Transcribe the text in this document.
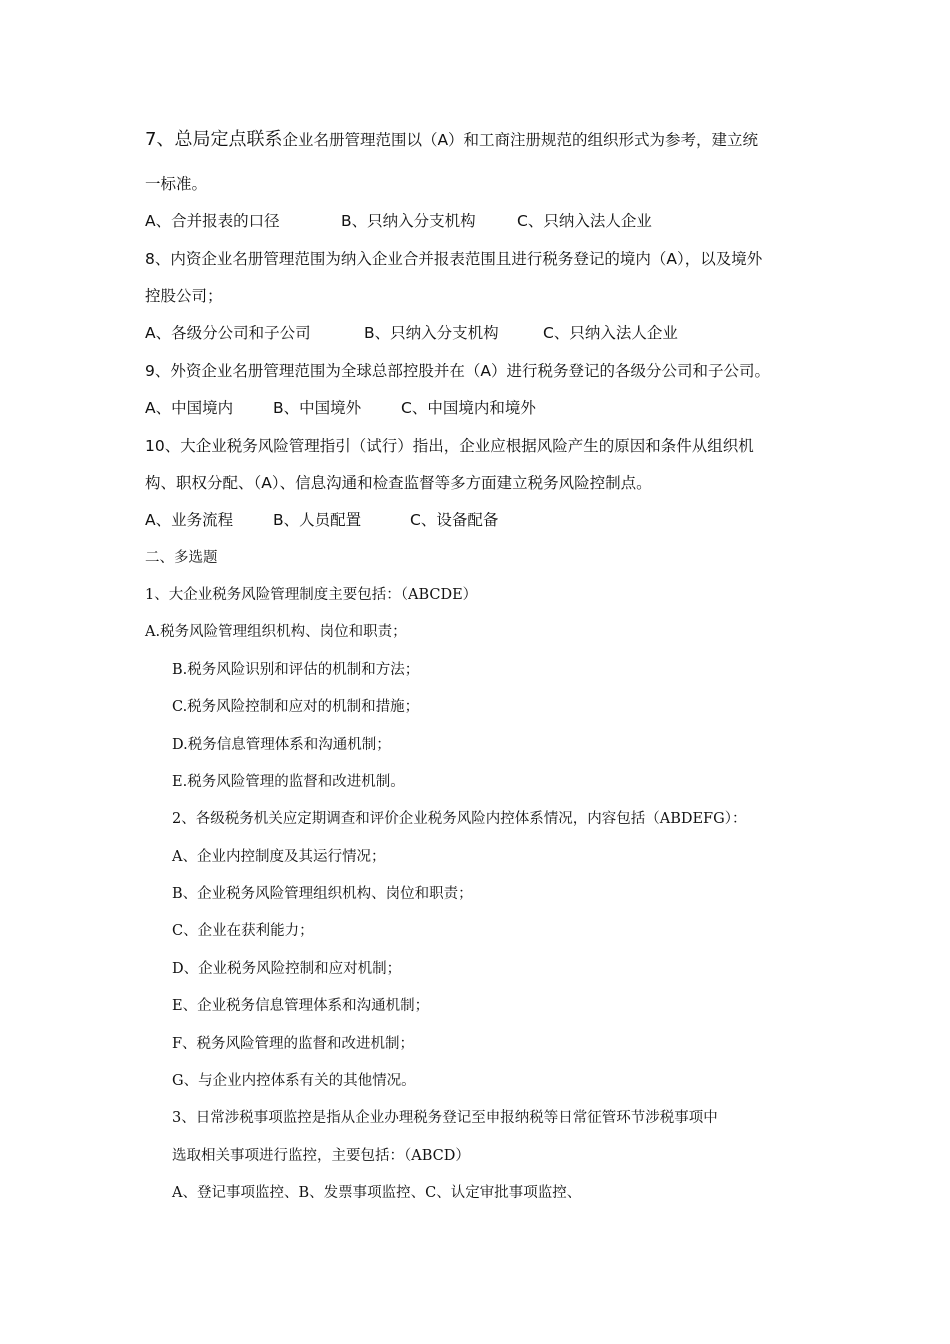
7、总局定点联系企业名册管理范围以（A）和工商注册规范的组织形式为参考，建立统
一标准。
A、合并报表的口径	B、只纳入分支机构	C、只纳入法人企业
8、内资企业名册管理范围为纳入企业合并报表范围且进行税务登记的境内（A），以及境外
控股公司；
A、各级分公司和子公司	B、只纳入分支机构	C、只纳入法人企业
9、外资企业名册管理范围为全球总部控股并在（A）进行税务登记的各级分公司和子公司。
A、中国境内	B、中国境外	C、中国境内和境外
10、大企业税务风险管理指引（试行）指出，企业应根据风险产生的原因和条件从组织机
构、职权分配、（A）、信息沟通和检查监督等多方面建立税务风险控制点。
A、业务流程	B、人员配置	C、设备配备
二、多选题
1、大企业税务风险管理制度主要包括：（ABCDE）
A.税务风险管理组织机构、岗位和职责；
B.税务风险识别和评估的机制和方法；
C.税务风险控制和应对的机制和措施；
D.税务信息管理体系和沟通机制；
E.税务风险管理的监督和改进机制。
2、各级税务机关应定期调查和评价企业税务风险内控体系情况，内容包括（ABDEFG）：
A、企业内控制度及其运行情况；
B、企业税务风险管理组织机构、岗位和职责；
C、企业在获利能力；
D、企业税务风险控制和应对机制；
E、企业税务信息管理体系和沟通机制；
F、税务风险管理的监督和改进机制；
G、与企业内控体系有关的其他情况。
3、日常涉税事项监控是指从企业办理税务登记至申报纳税等日常征管环节涉税事项中
选取相关事项进行监控，主要包括：（ABCD）
A、登记事项监控、B、发票事项监控、C、认定审批事项监控、
